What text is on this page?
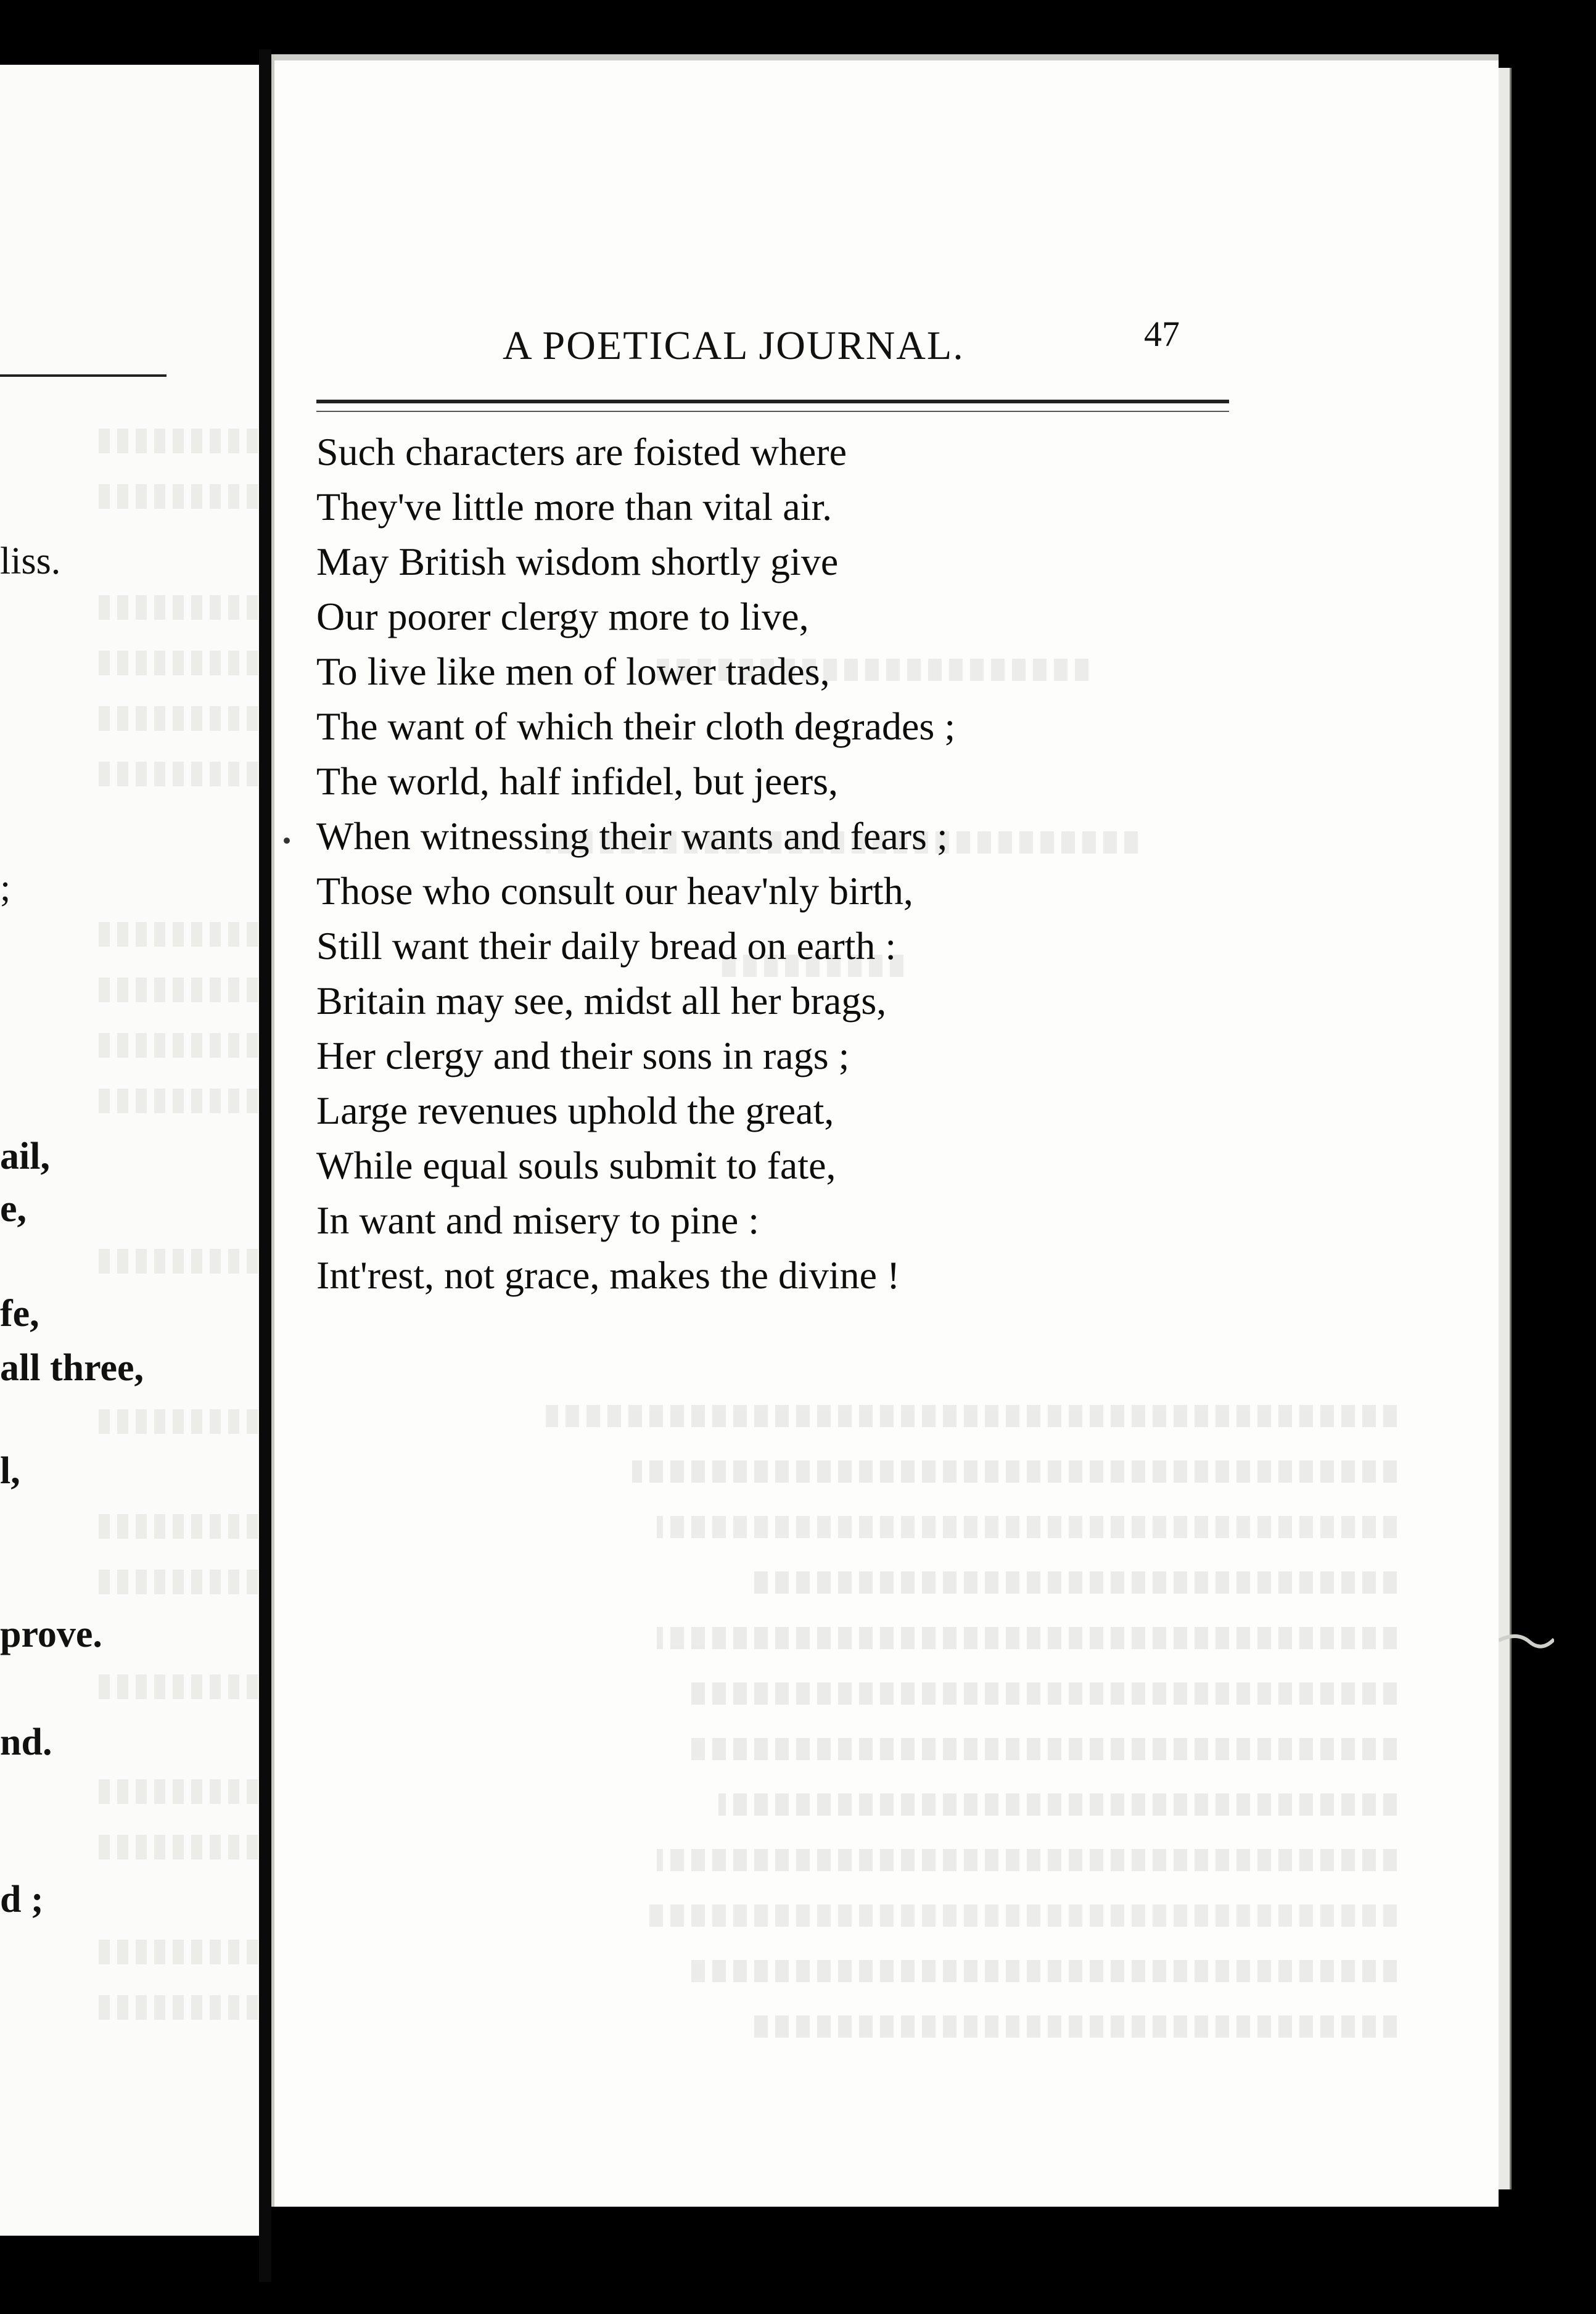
liss.
;
ail,
e,
fe,
all three,
l,
prove.
nd.
d ;
A POETICAL JOURNAL.	47
Such characters are foisted where
They've little more than vital air.
May British wisdom shortly give
Our poorer clergy more to live,
To live like men of lower trades,
The want of which their cloth degrades ;
The world, half infidel, but jeers,
When witnessing their wants and fears ;
Those who consult our heav'nly birth,
Still want their daily bread on earth :
Britain may see, midst all her brags,
Her clergy and their sons in rags ;
Large revenues uphold the great,
While equal souls submit to fate,
In want and misery to pine :
Int'rest, not grace, makes the divine !
